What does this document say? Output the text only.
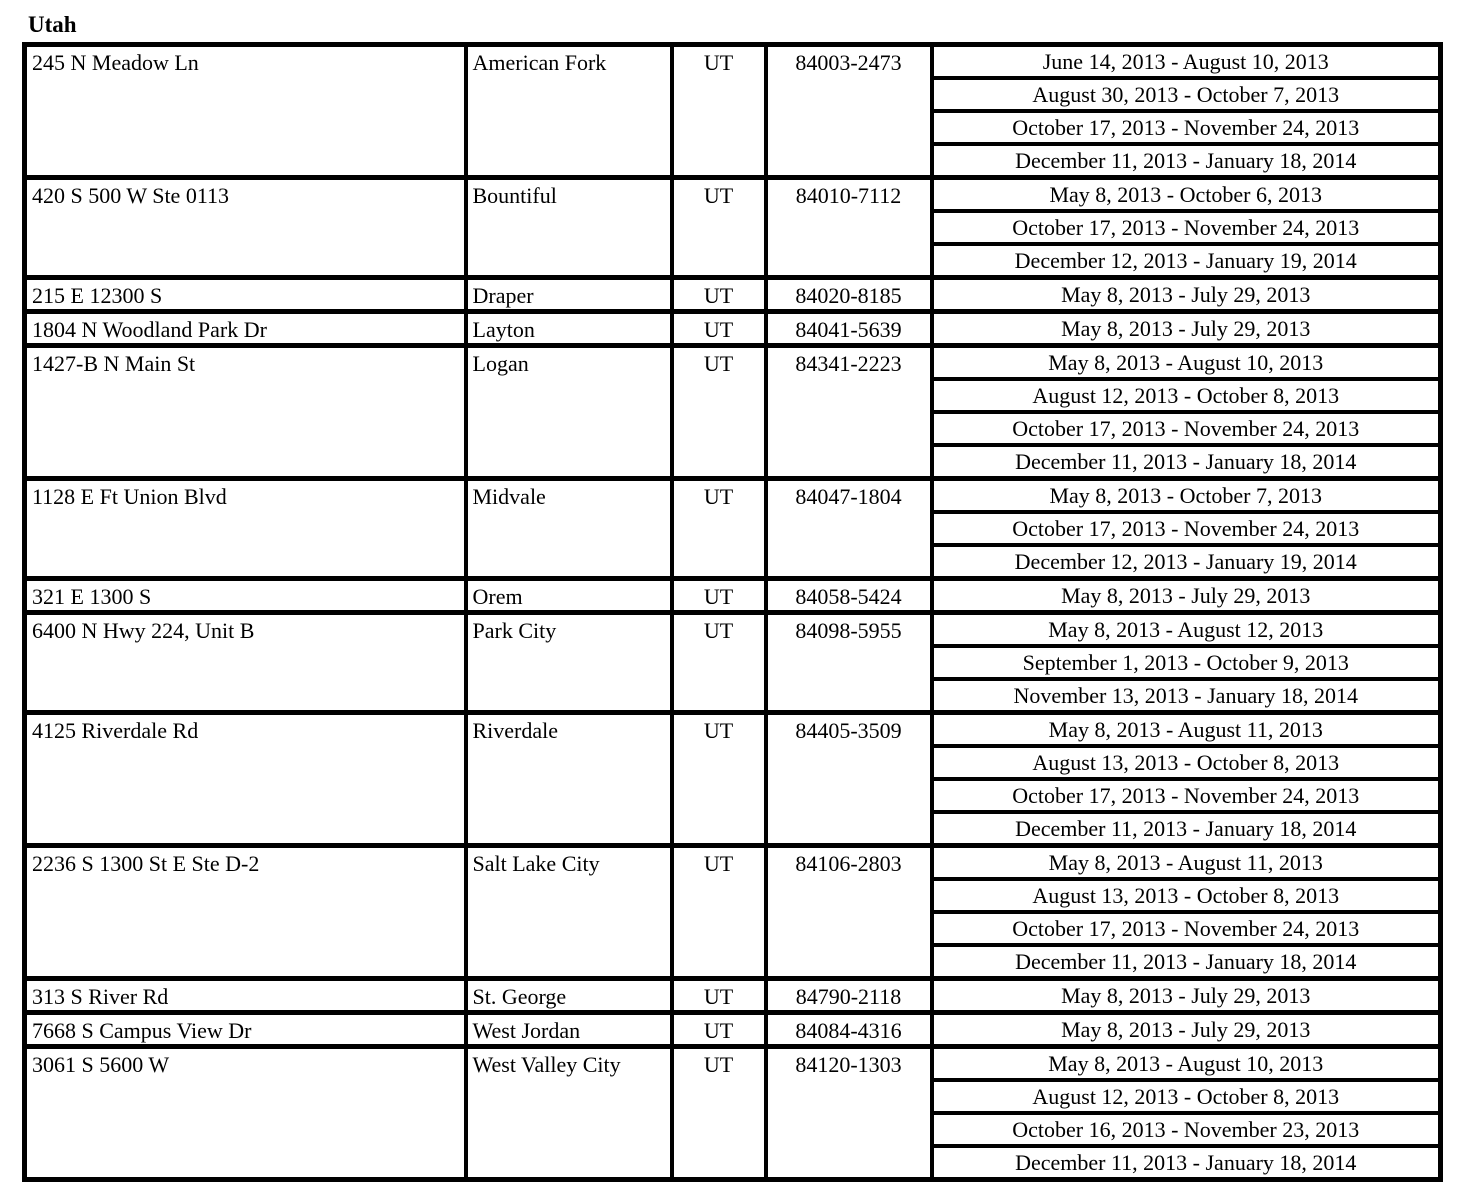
Utah
245 N Meadow Ln	American Fork	UT	84003-2473	June 14, 2013 - August 10, 2013
				August 30, 2013 - October 7, 2013
				October 17, 2013 - November 24, 2013
				December 11, 2013 - January 18, 2014
420 S 500 W Ste 0113	Bountiful	UT	84010-7112	May 8, 2013 - October 6, 2013
				October 17, 2013 - November 24, 2013
				December 12, 2013 - January 19, 2014
215 E 12300 S	Draper	UT	84020-8185	May 8, 2013 - July 29, 2013
1804 N Woodland Park Dr	Layton	UT	84041-5639	May 8, 2013 - July 29, 2013
1427-B N Main St	Logan	UT	84341-2223	May 8, 2013 - August 10, 2013
				August 12, 2013 - October 8, 2013
				October 17, 2013 - November 24, 2013
				December 11, 2013 - January 18, 2014
1128 E Ft Union Blvd	Midvale	UT	84047-1804	May 8, 2013 - October 7, 2013
				October 17, 2013 - November 24, 2013
				December 12, 2013 - January 19, 2014
321 E 1300 S	Orem	UT	84058-5424	May 8, 2013 - July 29, 2013
6400 N Hwy 224, Unit B	Park City	UT	84098-5955	May 8, 2013 - August 12, 2013
				September 1, 2013 - October 9, 2013
				November 13, 2013 - January 18, 2014
4125 Riverdale Rd	Riverdale	UT	84405-3509	May 8, 2013 - August 11, 2013
				August 13, 2013 - October 8, 2013
				October 17, 2013 - November 24, 2013
				December 11, 2013 - January 18, 2014
2236 S 1300 St E Ste D-2	Salt Lake City	UT	84106-2803	May 8, 2013 - August 11, 2013
				August 13, 2013 - October 8, 2013
				October 17, 2013 - November 24, 2013
				December 11, 2013 - January 18, 2014
313 S River Rd	St. George	UT	84790-2118	May 8, 2013 - July 29, 2013
7668 S Campus View Dr	West Jordan	UT	84084-4316	May 8, 2013 - July 29, 2013
3061 S 5600 W	West Valley City	UT	84120-1303	May 8, 2013 - August 10, 2013
				August 12, 2013 - October 8, 2013
				October 16, 2013 - November 23, 2013
				December 11, 2013 - January 18, 2014
